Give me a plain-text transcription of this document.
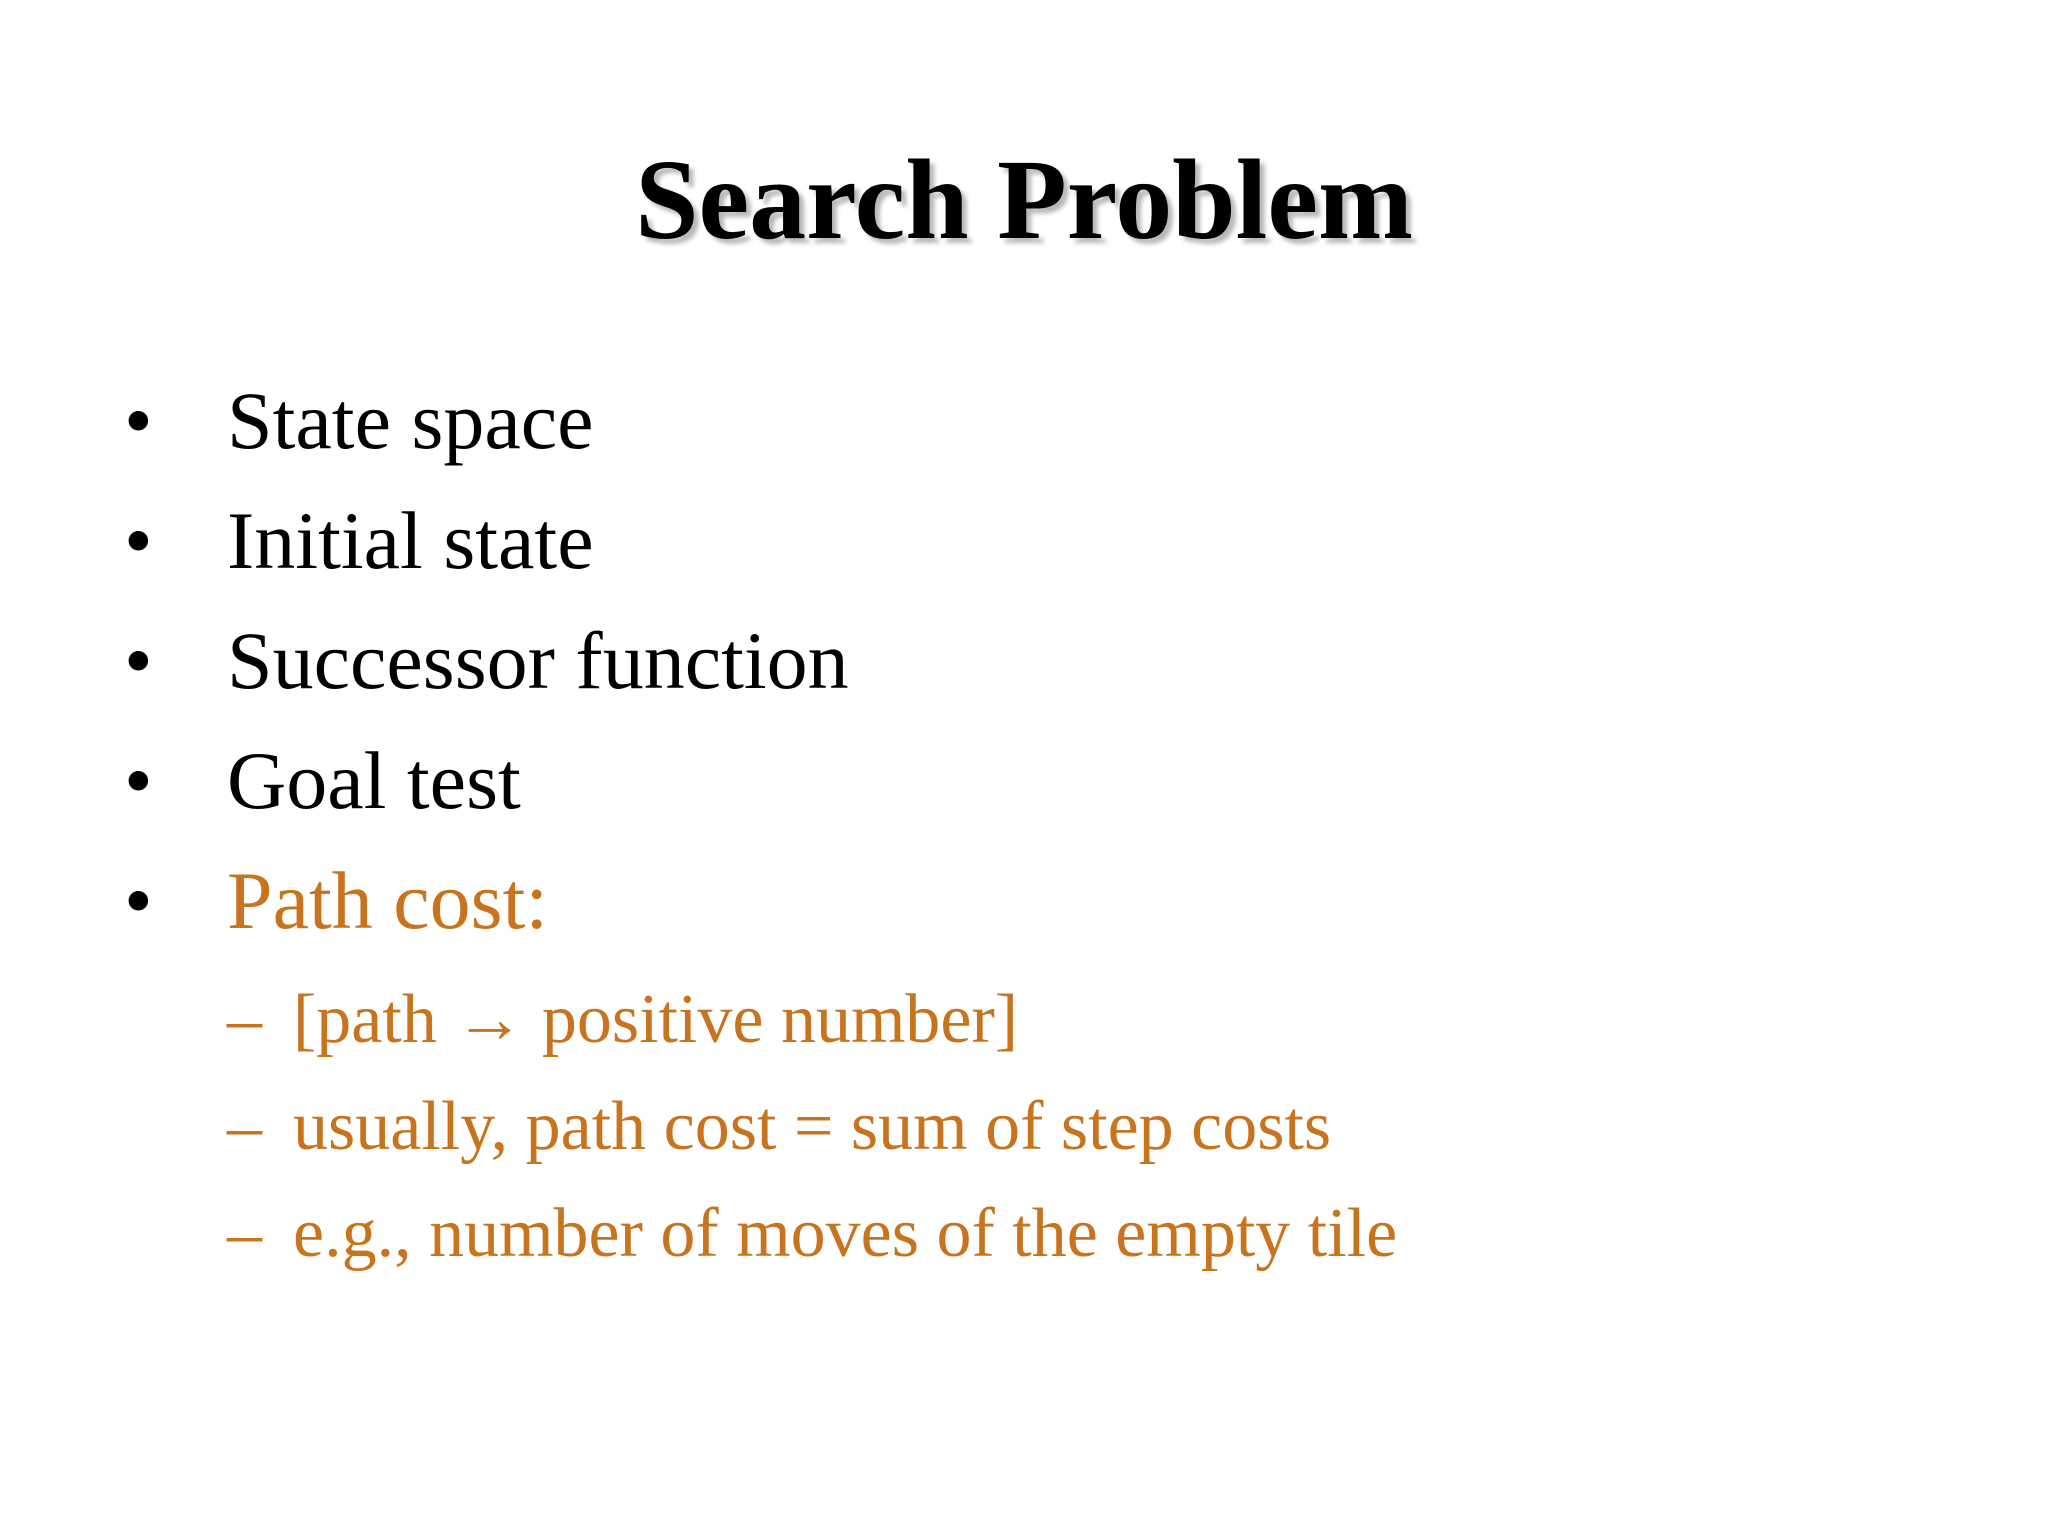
Search Problem
• State space
• Initial state
• Successor function
• Goal test
• Path cost:
– [path → positive number]
– usually, path cost = sum of step costs
– e.g., number of moves of the empty tile
